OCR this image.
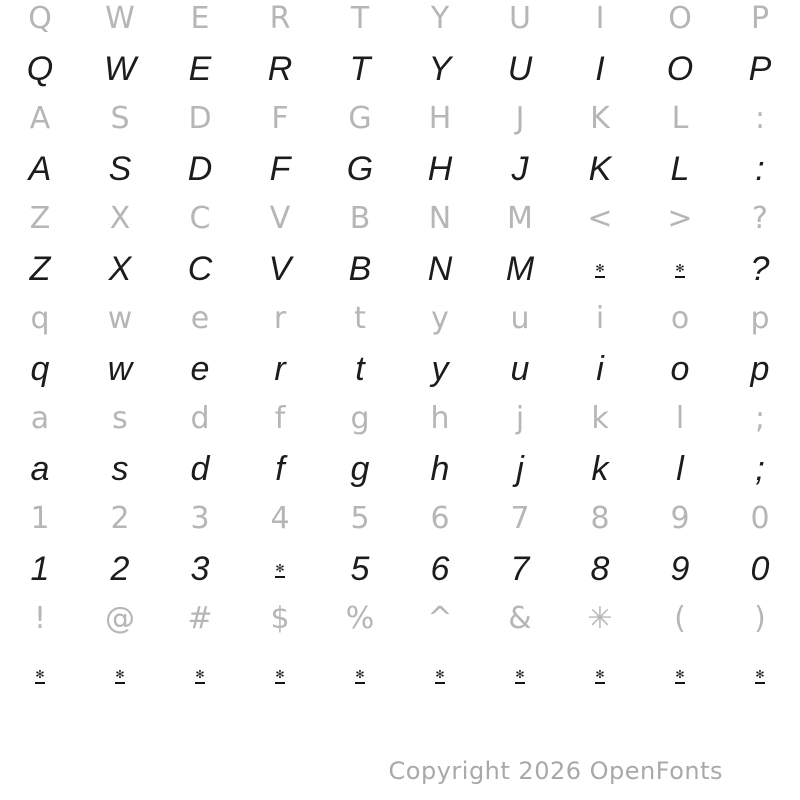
Q	W	E	R	T	Y	U	I	O	P
Q	W	E	R	T	Y	U	I	O	P
A	S	D	F	G	H	J	K	L	:
A	S	D	F	G	H	J	K	L	:
Z	X	C	V	B	N	M	<	>	?
Z	X	C	V	B	N	M	✻	✻	?
q	w	e	r	t	y	u	i	o	p
q	w	e	r	t	y	u	i	o	p
a	s	d	f	g	h	j	k	l	;
a	s	d	f	g	h	j	k	l	;
1	2	3	4	5	6	7	8	9	0
1	2	3	✻	5	6	7	8	9	0
!	@	#	$	%	^	&	✳	(	)
✻	✻	✻	✻	✻	✻	✻	✻	✻	✻
Copyright 2026 OpenFonts
